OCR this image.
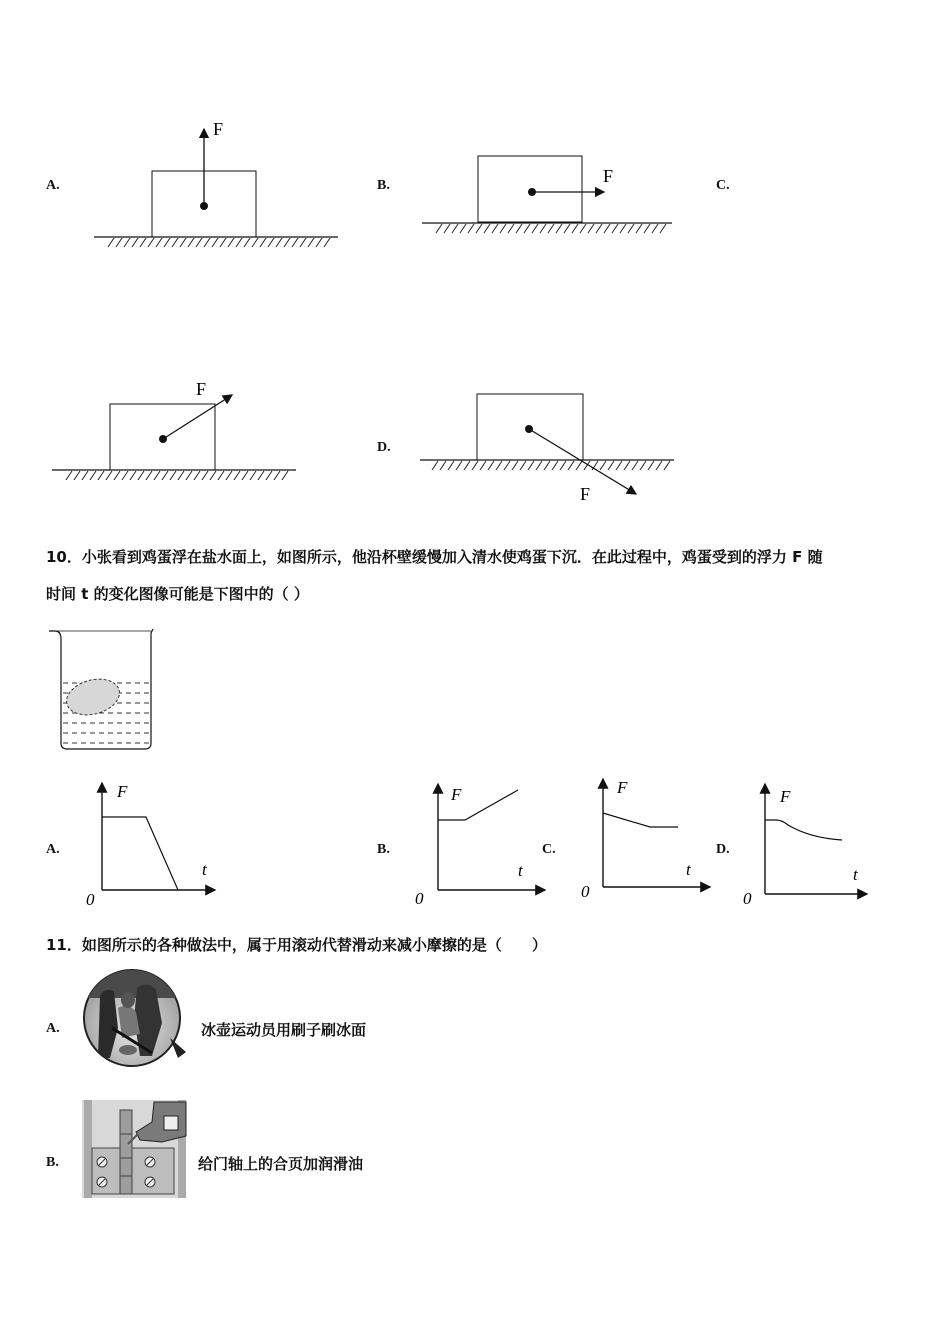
A.	B.	C.
D.
F
F
F
F
10．小张看到鸡蛋浮在盐水面上，如图所示，他沿杯壁缓慢加入清水使鸡蛋下沉．在此过程中，鸡蛋受到的浮力 F 随
时间 t 的变化图像可能是下图中的（ ）
A.	B.	C.	D.
F
t
0
F
t
0
F
t
0
F
t
0
11．如图所示的各种做法中，属于用滚动代替滑动来减小摩擦的是（　　）
A.	冰壶运动员用刷子刷冰面
B.	给门轴上的合页加润滑油
